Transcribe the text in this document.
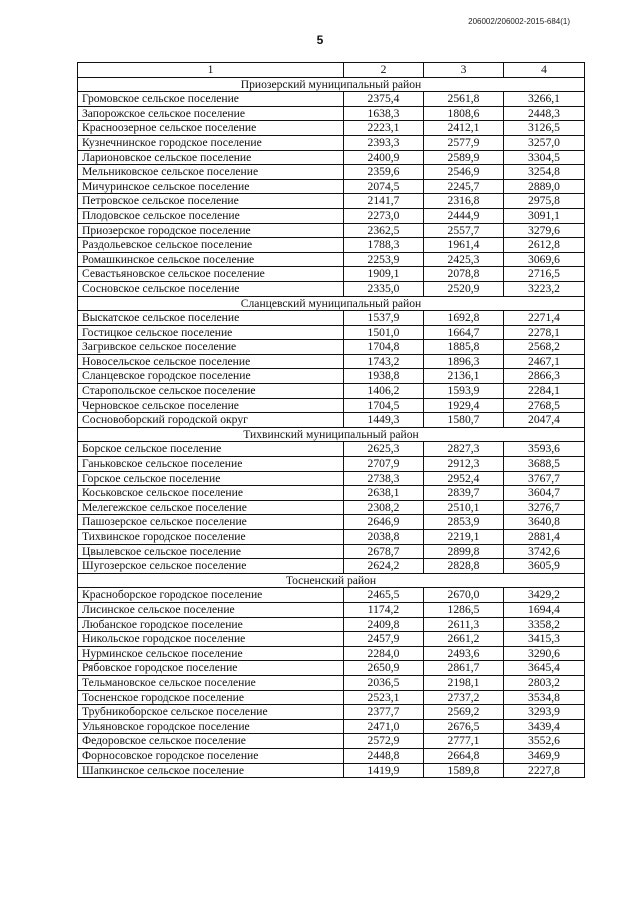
206002/206002-2015-684(1)
5
1	2	3	4
Приозерский муниципальный район			
Громовское сельское поселение	2375,4	2561,8	3266,1
Запорожское сельское поселение	1638,3	1808,6	2448,3
Красноозерное сельское поселение	2223,1	2412,1	3126,5
Кузнечнинское городское поселение	2393,3	2577,9	3257,0
Ларионовское сельское поселение	2400,9	2589,9	3304,5
Мельниковское сельское поселение	2359,6	2546,9	3254,8
Мичуринское сельское поселение	2074,5	2245,7	2889,0
Петровское сельское поселение	2141,7	2316,8	2975,8
Плодовское сельское поселение	2273,0	2444,9	3091,1
Приозерское городское поселение	2362,5	2557,7	3279,6
Раздольевское сельское поселение	1788,3	1961,4	2612,8
Ромашкинское сельское поселение	2253,9	2425,3	3069,6
Севастьяновское сельское поселение	1909,1	2078,8	2716,5
Сосновское сельское поселение	2335,0	2520,9	3223,2
Сланцевский муниципальный район			
Выскатское сельское поселение	1537,9	1692,8	2271,4
Гостицкое сельское поселение	1501,0	1664,7	2278,1
Загривское сельское поселение	1704,8	1885,8	2568,2
Новосельское сельское поселение	1743,2	1896,3	2467,1
Сланцевское городское поселение	1938,8	2136,1	2866,3
Старопольское сельское поселение	1406,2	1593,9	2284,1
Черновское сельское поселение	1704,5	1929,4	2768,5
Сосновоборский городской округ	1449,3	1580,7	2047,4
Тихвинский муниципальный район			
Борское сельское поселение	2625,3	2827,3	3593,6
Ганьковское сельское поселение	2707,9	2912,3	3688,5
Горское сельское поселение	2738,3	2952,4	3767,7
Коськовское сельское поселение	2638,1	2839,7	3604,7
Мелегежское сельское поселение	2308,2	2510,1	3276,7
Пашозерское сельское поселение	2646,9	2853,9	3640,8
Тихвинское городское поселение	2038,8	2219,1	2881,4
Цвылевское сельское поселение	2678,7	2899,8	3742,6
Шугозерское сельское поселение	2624,2	2828,8	3605,9
Тосненский район			
Красноборское городское поселение	2465,5	2670,0	3429,2
Лисинское сельское поселение	1174,2	1286,5	1694,4
Любанское городское поселение	2409,8	2611,3	3358,2
Никольское городское поселение	2457,9	2661,2	3415,3
Нурминское сельское поселение	2284,0	2493,6	3290,6
Рябовское городское поселение	2650,9	2861,7	3645,4
Тельмановское сельское поселение	2036,5	2198,1	2803,2
Тосненское городское поселение	2523,1	2737,2	3534,8
Трубникоборское сельское поселение	2377,7	2569,2	3293,9
Ульяновское городское поселение	2471,0	2676,5	3439,4
Федоровское сельское поселение	2572,9	2777,1	3552,6
Форносовское городское поселение	2448,8	2664,8	3469,9
Шапкинское сельское поселение	1419,9	1589,8	2227,8
